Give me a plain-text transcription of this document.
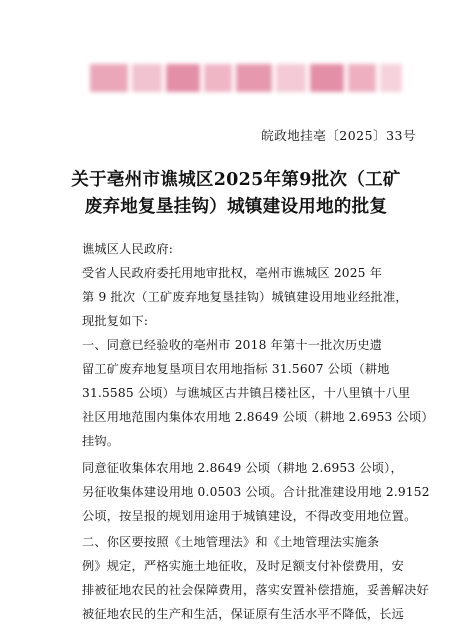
皖政地挂亳〔2025〕33号
关于亳州市谯城区2025年第9批次（工矿
废弃地复垦挂钩）城镇建设用地的批复
谯城区人民政府:
受省人民政府委托用地审批权，亳州市谯城区 2025 年
第 9 批次（工矿废弃地复垦挂钩）城镇建设用地业经批准，
现批复如下:
一、同意已经验收的亳州市 2018 年第十一批次历史遗
留工矿废弃地复垦项目农用地指标 31.5607 公顷（耕地
31.5585 公顷）与谯城区古井镇吕楼社区，十八里镇十八里
社区用地范围内集体农用地 2.8649 公顷（耕地 2.6953 公顷）
挂钩。
同意征收集体农用地 2.8649 公顷（耕地 2.6953 公顷），
另征收集体建设用地 0.0503 公顷。合计批准建设用地 2.9152
公顷，按呈报的规划用途用于城镇建设，不得改变用地位置。
二、你区要按照《土地管理法》和《土地管理法实施条
例》规定，严格实施土地征收，及时足额支付补偿费用，安
排被征地农民的社会保障费用，落实安置补偿措施，妥善解决好
被征地农民的生产和生活，保证原有生活水平不降低，长远
